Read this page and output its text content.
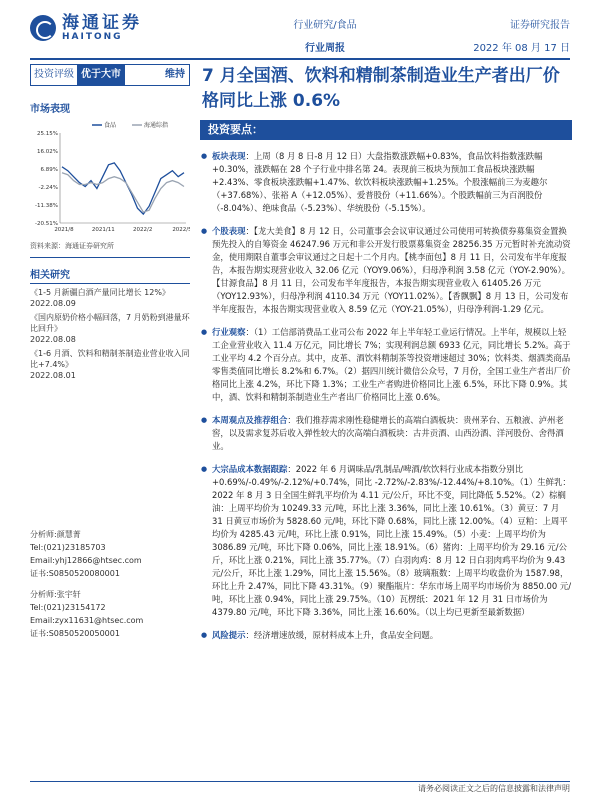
海通证券
HAITONG
行业研究/食品
行业周报
证券研究报告
2022 年 08 月 17 日
投资评级 优于大市	维持
市场表现
食品	海通综指
25.15%
16.02%
6.89%
-2.24%
-11.38%
-20.51%
2021/8	2021/11	2022/2	2022/5
资料来源：海通证券研究所
相关研究
《1-5 月新疆白酒产量同比增长 12%》
2022.08.09
《国内原奶价格小幅回落，7 月奶粉到港量环比回升》
2022.08.08
《1-6 月酒、饮料和精制茶制造业营业收入同比+7.4%》
2022.08.01
分析师:颜慧菁
Tel:(021)23185703
Email:yhj12866@htsec.com
证书:S0850520080001
分析师:张宇轩
Tel:(021)23154172
Email:zyx11631@htsec.com
证书:S0850520050001
7 月全国酒、饮料和精制茶制造业生产者出厂价格同比上涨 0.6%
投资要点：
● 板块表现：上周（8 月 8 日-8 月 12 日）大盘指数涨跌幅+0.83%，食品饮料指数涨跌幅+0.30%，涨跌幅在 28 个子行业中排名第 24。表现前三板块为预加工食品板块涨跌幅+2.43%、零食板块涨跌幅+1.47%、软饮料板块涨跌幅+1.25%。个股涨幅前三为麦趣尔（+37.68%）、张裕 A（+12.05%）、爱普股份（+11.66%）。个股跌幅前三为百润股份（-8.04%）、绝味食品（-5.23%）、华统股份（-5.15%）。
● 个股表现：【龙大美食】8 月 12 日，公司董事会会议审议通过公司使用可转换债券募集资金置换预先投入的自筹资金 46247.96 万元和非公开发行股票募集资金 28256.35 万元暂时补充流动资金，使用期限自董事会审议通过之日起十二个月内。【桃李面包】8 月 11 日，公司发布半年度报告，本报告期实现营业收入 32.06 亿元（YOY9.06%），归母净利润 3.58 亿元（YOY-2.90%）。【甘源食品】8 月 11 日，公司发布半年度报告，本报告期实现营业收入 61405.26 万元（YOY12.93%），归母净利润 4110.34 万元（YOY11.02%）。【香飘飘】8 月 13 日，公司发布半年度报告，本报告期实现营业收入 8.59 亿元（YOY-21.05%），归母净利润-1.29 亿元。
● 行业观察：（1）工信部消费品工业司公布 2022 年上半年轻工业运行情况。上半年，规模以上轻工企业营业收入 11.4 万亿元，同比增长 7%；实现利润总额 6933 亿元，同比增长 5.2%。高于工业平均 4.2 个百分点。其中，皮革、酒饮料精制茶等投资增速超过 30%；饮料类、烟酒类商品零售类值同比增长 8.2%和 6.7%。（2）据四川统计微信公众号，7 月份，全国工业生产者出厂价格同比上涨 4.2%，环比下降 1.3%；工业生产者购进价格同比上涨 6.5%，环比下降 0.9%。其中，酒、饮料和精制茶制造业生产者出厂价格同比上涨 0.6%。
● 本周观点及推荐组合：我们推荐需求刚性稳健增长的高端白酒板块：贵州茅台、五粮液、泸州老窖，以及需求复苏后收入弹性较大的次高端白酒板块：古井贡酒、山西汾酒、洋河股份、舍得酒业。
● 大宗品成本数据跟踪：2022 年 6 月调味品/乳制品/啤酒/软饮料行业成本指数分别比 +0.69%/-0.49%/-2.12%/+0.74%，同比 -2.72%/-2.83%/-12.44%/+8.10%。（1）生鲜乳：2022 年 8 月 3 日全国生鲜乳平均价为 4.11 元/公斤，环比不变，同比降低 5.52%。（2）棕榈油：上周平均价为 10249.33 元/吨，环比上涨 3.36%，同比上涨 10.61%。（3）黄豆：7 月 31 日黄豆市场价为 5828.60 元/吨，环比下降 0.68%，同比上涨 12.00%。（4）豆粕：上周平均价为 4285.43 元/吨，环比上涨 0.91%，同比上涨 15.49%。（5）小麦：上周平均价为 3086.89 元/吨，环比下降 0.06%，同比上涨 18.91%。（6）猪肉：上周平均价为 29.16 元/公斤，环比上涨 0.21%，同比上涨 35.77%。（7）白羽肉鸡：8 月 12 日白羽肉鸡平均价为 9.43 元/公斤，环比上涨 1.29%，同比上涨 15.56%。（8）玻璃瓶数：上周平均收盘价为 1587.98，环比上升 2.47%，同比下降 43.31%。（9）聚酯瓶片：华东市场上周平均市场价为 8850.00 元/吨，环比上涨 0.94%，同比上涨 29.75%。（10）瓦楞纸：2021 年 12 月 31 日市场价为 4379.80 元/吨，环比下降 3.36%，同比上涨 16.60%。（以上均已更新至最新数据）
● 风险提示：经济增速放缓，原材料成本上升，食品安全问题。
请务必阅读正文之后的信息披露和法律声明
